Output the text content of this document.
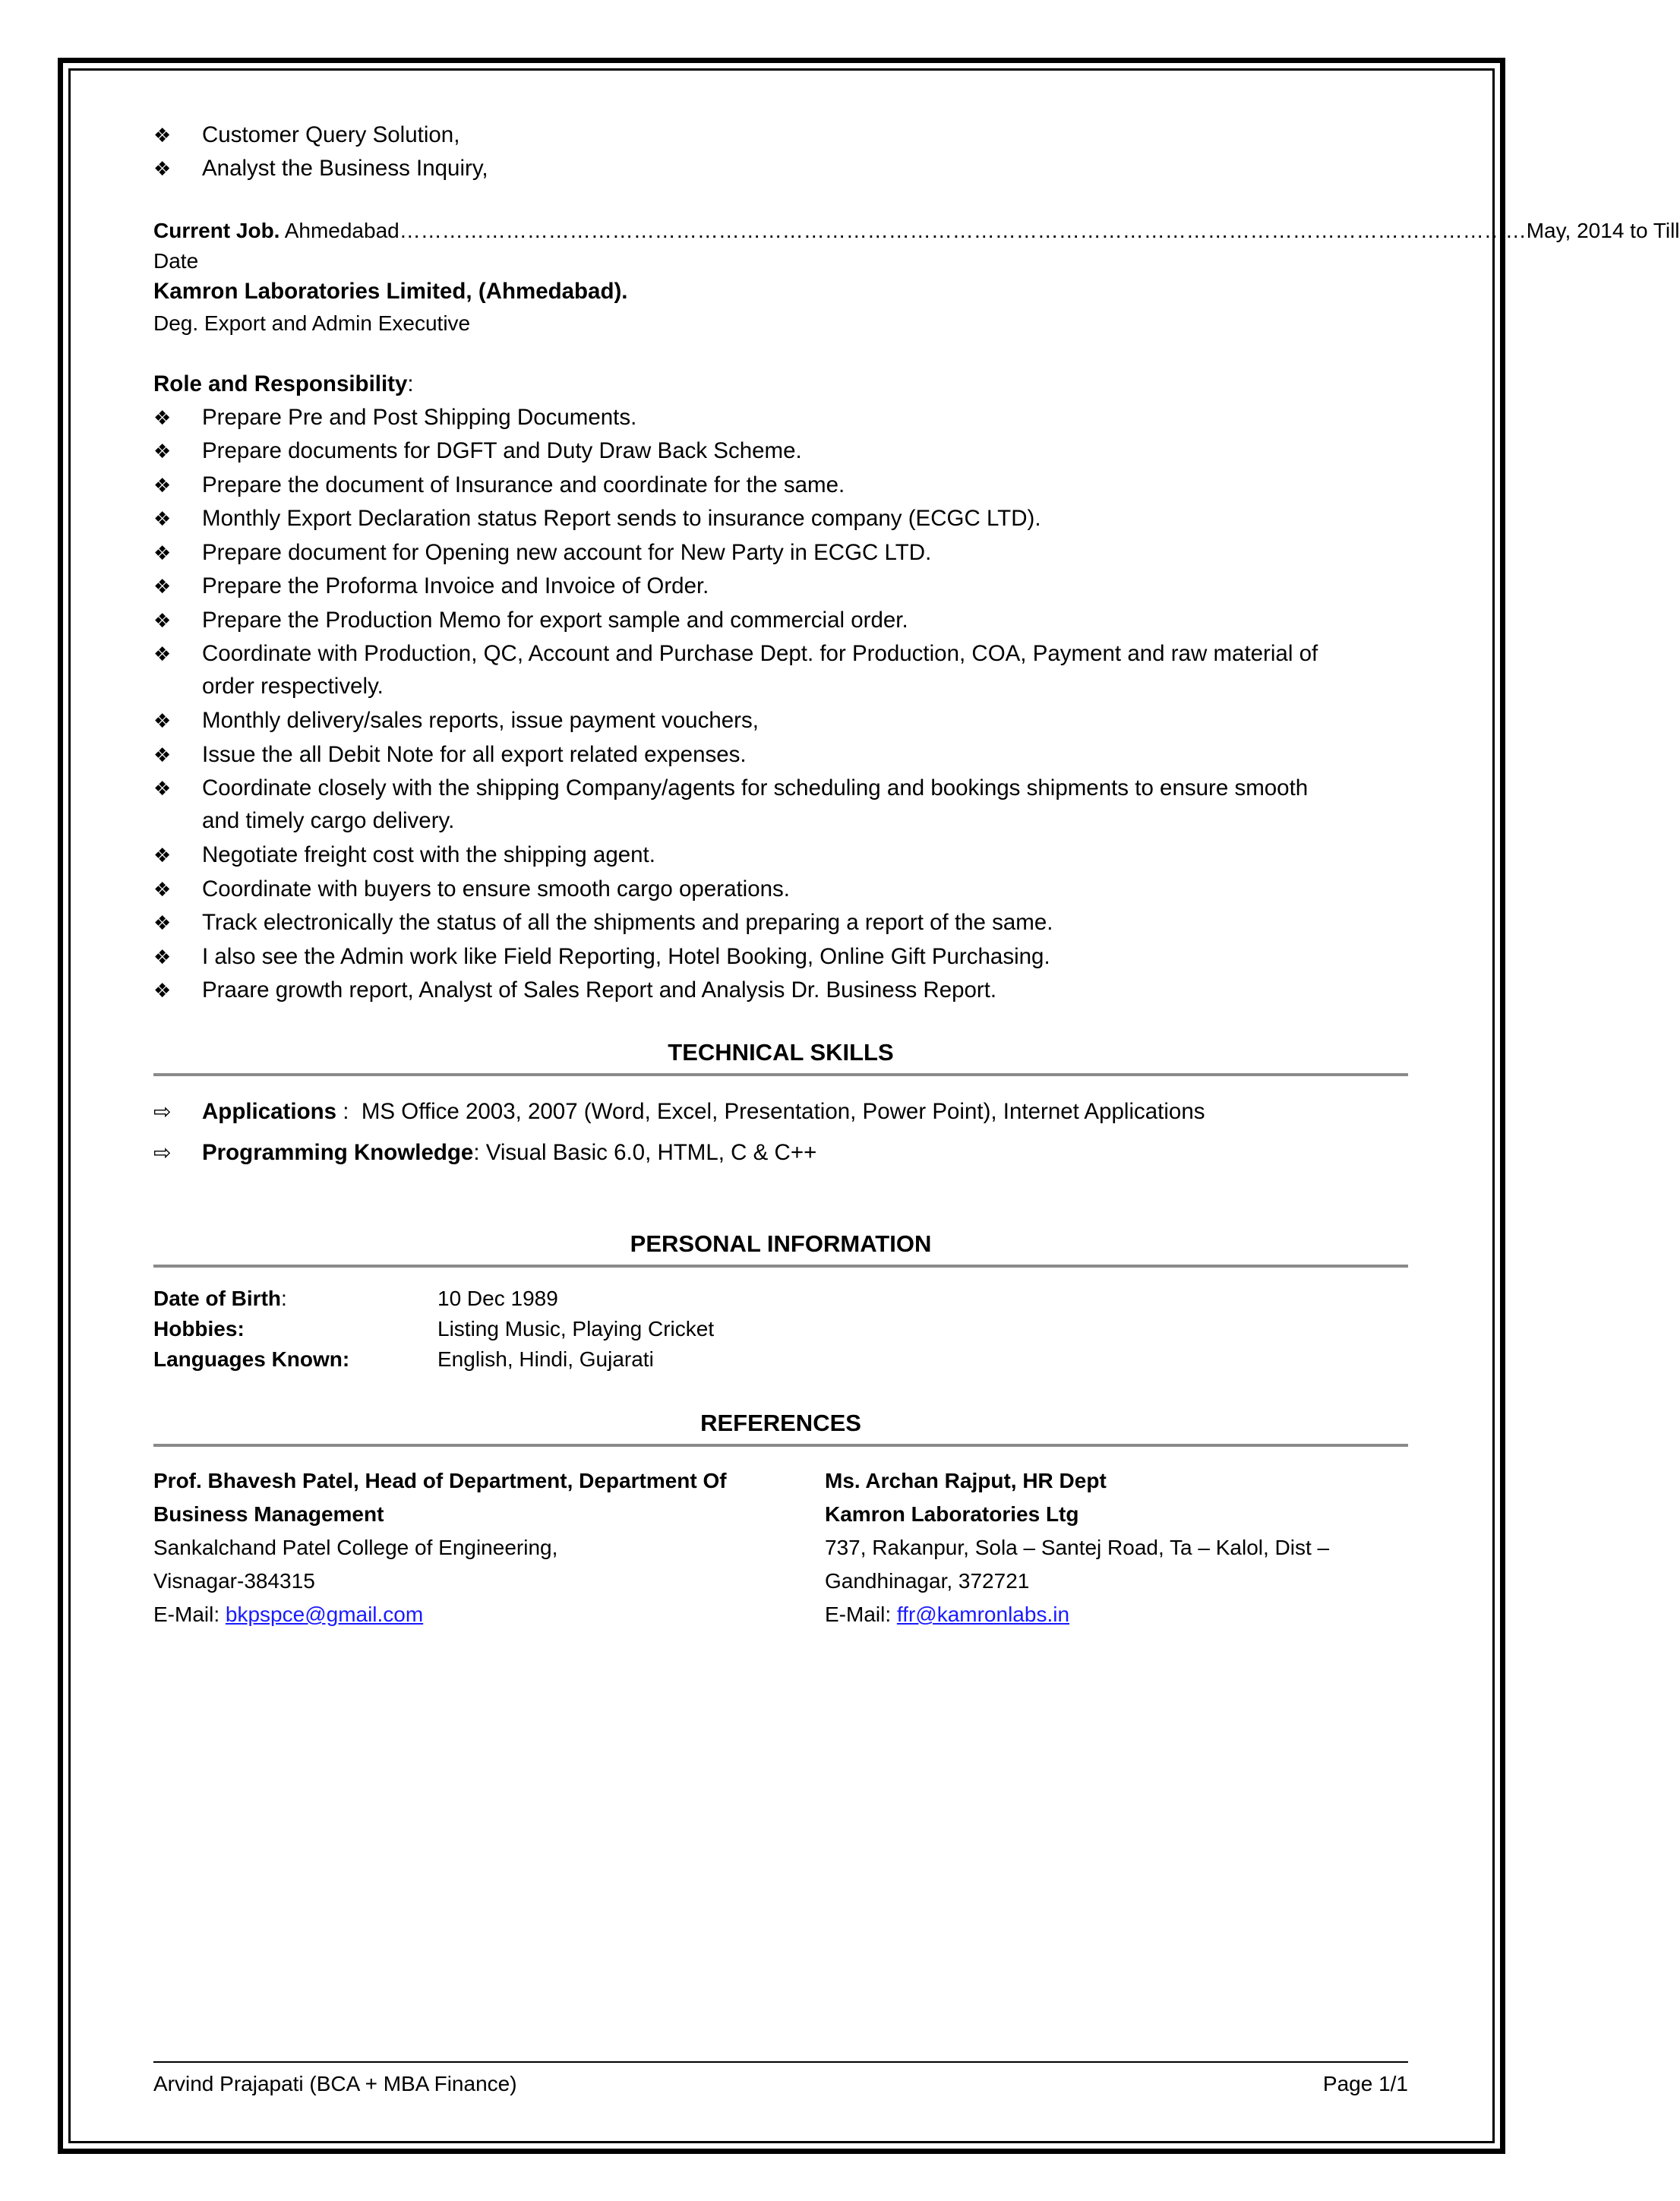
❖	Customer Query Solution,
❖	Analyst the Business Inquiry,
Current Job. Ahmedabad……………………………………………………………………………………………………………………………………………May, 2014 to Till
Date
Kamron Laboratories Limited, (Ahmedabad).
Deg. Export and Admin Executive
Role and Responsibility:
❖	Prepare Pre and Post Shipping Documents.
❖	Prepare documents for DGFT and Duty Draw Back Scheme.
❖	Prepare the document of Insurance and coordinate for the same.
❖	Monthly Export Declaration status Report sends to insurance company (ECGC LTD).
❖	Prepare document for Opening new account for New Party in ECGC LTD.
❖	Prepare the Proforma Invoice and Invoice of Order.
❖	Prepare the Production Memo for export sample and commercial order.
❖	Coordinate with Production, QC, Account and Purchase Dept. for Production, COA, Payment and raw material of
order respectively.
❖	Monthly delivery/sales reports, issue payment vouchers,
❖	Issue the all Debit Note for all export related expenses.
❖	Coordinate closely with the shipping Company/agents for scheduling and bookings shipments to ensure smooth
and timely cargo delivery.
❖	Negotiate freight cost with the shipping agent.
❖	Coordinate with buyers to ensure smooth cargo operations.
❖	Track electronically the status of all the shipments and preparing a report of the same.
❖	I also see the Admin work like Field Reporting, Hotel Booking, Online Gift Purchasing.
❖	Praare growth report, Analyst of Sales Report and Analysis Dr. Business Report.
TECHNICAL SKILLS
⇨ Applications :  MS Office 2003, 2007 (Word, Excel, Presentation, Power Point), Internet Applications
⇨ Programming Knowledge: Visual Basic 6.0, HTML, C & C++
PERSONAL INFORMATION
Date of Birth:	10 Dec 1989
Hobbies:	Listing Music, Playing Cricket
Languages Known:	English, Hindi, Gujarati
REFERENCES
Prof. Bhavesh Patel, Head of Department, Department Of
Business Management
Sankalchand Patel College of Engineering,
Visnagar-384315
E-Mail: bkpspce@gmail.com
Ms. Archan Rajput, HR Dept
Kamron Laboratories Ltg
737, Rakanpur, Sola – Santej Road, Ta – Kalol, Dist –
Gandhinagar, 372721
E-Mail: ffr@kamronlabs.in
Arvind Prajapati (BCA + MBA Finance)	Page 1/1
